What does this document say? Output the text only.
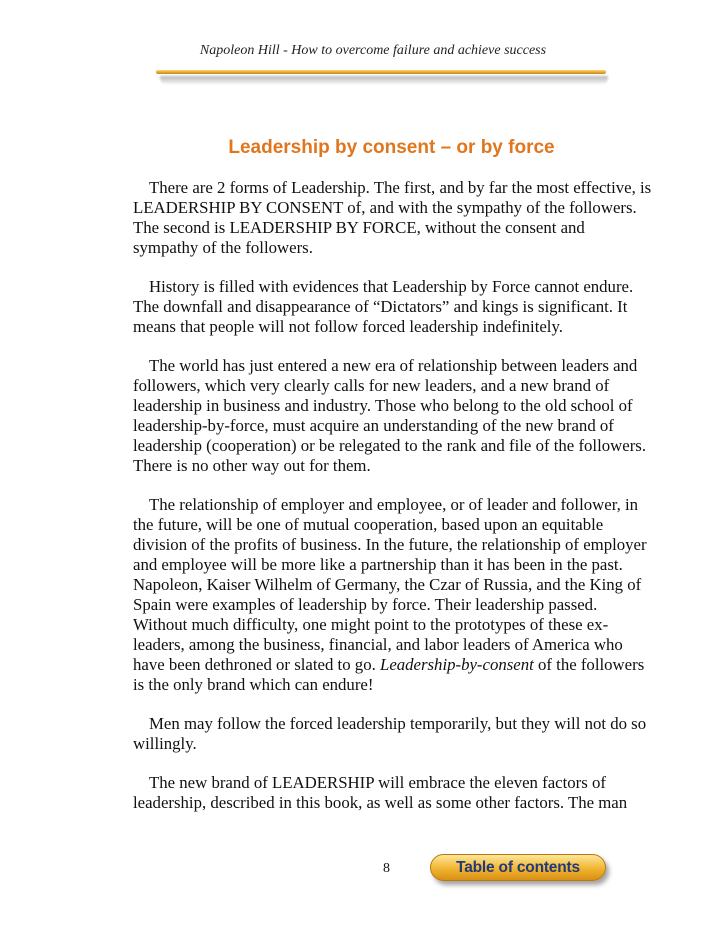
Napoleon Hill - How to overcome failure and achieve success
Leadership by consent – or by force

There are 2 forms of Leadership. The first, and by far the most effective, is LEADERSHIP BY CONSENT of, and with the sympathy of the followers. The second is LEADERSHIP BY FORCE, without the consent and sympathy of the followers.

History is filled with evidences that Leadership by Force cannot endure. The downfall and disappearance of “Dictators” and kings is significant. It means that people will not follow forced leadership indefinitely.

The world has just entered a new era of relationship between leaders and followers, which very clearly calls for new leaders, and a new brand of leadership in business and industry. Those who belong to the old school of leadership-by-force, must acquire an understanding of the new brand of leadership (cooperation) or be relegated to the rank and file of the followers. There is no other way out for them.

The relationship of employer and employee, or of leader and follower, in the future, will be one of mutual cooperation, based upon an equitable division of the profits of business. In the future, the relationship of employer and employee will be more like a partnership than it has been in the past. Napoleon, Kaiser Wilhelm of Germany, the Czar of Russia, and the King of Spain were examples of leadership by force. Their leadership passed. Without much difficulty, one might point to the prototypes of these ex-leaders, among the business, financial, and labor leaders of America who have been dethroned or slated to go. Leadership-by-consent of the followers is the only brand which can endure!

Men may follow the forced leadership temporarily, but they will not do so willingly.

The new brand of LEADERSHIP will embrace the eleven factors of leadership, described in this book, as well as some other factors. The man

8	Table of contents
